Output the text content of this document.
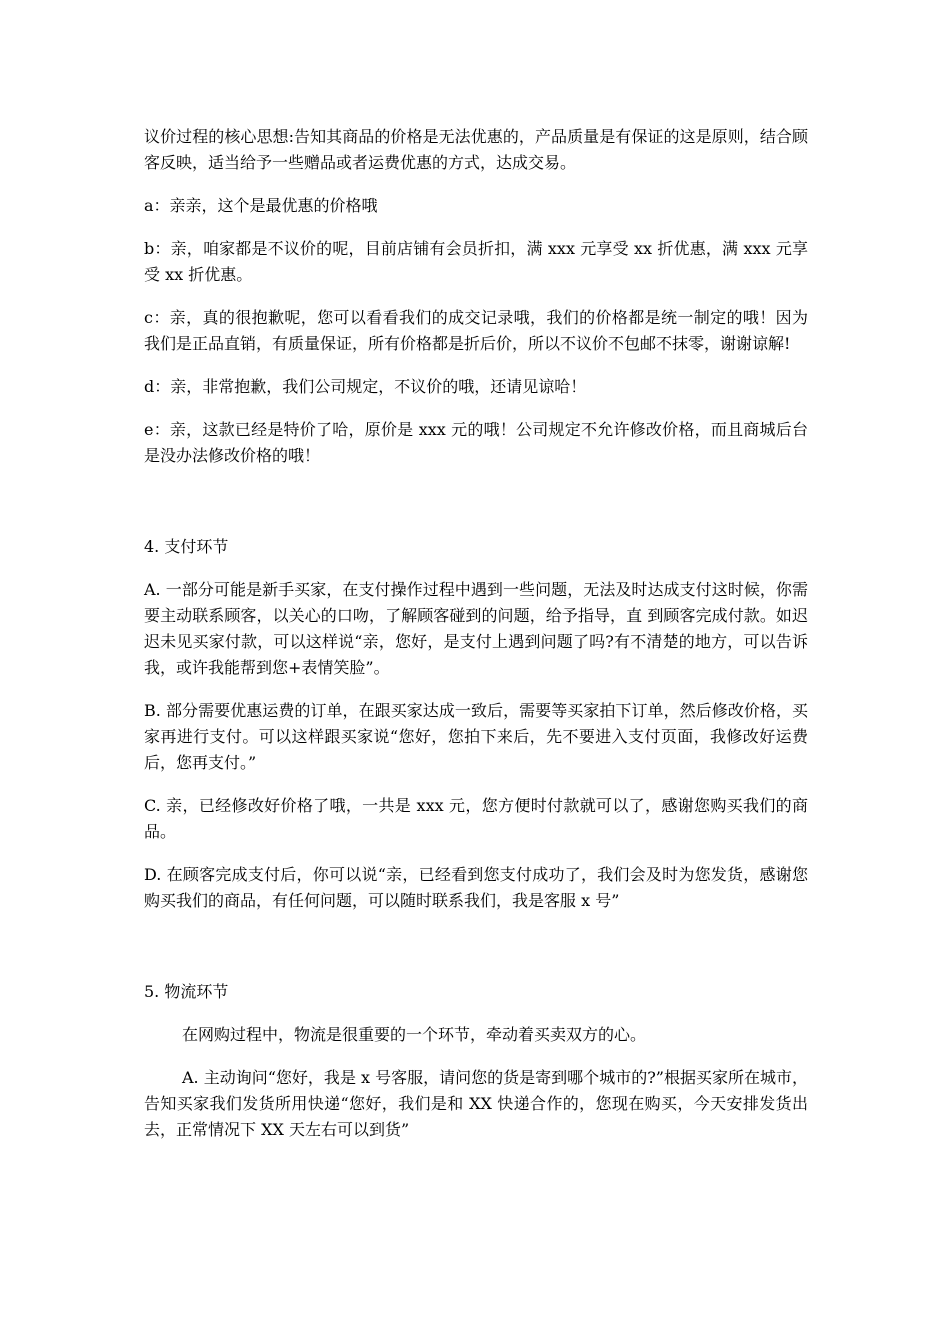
议价过程的核心思想:告知其商品的价格是无法优惠的，产品质量是有保证的这是原则，结合顾客反映，适当给予一些赠品或者运费优惠的方式，达成交易。

a：亲亲，这个是最优惠的价格哦

b：亲，咱家都是不议价的呢，目前店铺有会员折扣，满 xxx 元享受 xx 折优惠，满 xxx 元享受 xx 折优惠。

c：亲，真的很抱歉呢，您可以看看我们的成交记录哦，我们的价格都是统一制定的哦！因为我们是正品直销，有质量保证，所有价格都是折后价，所以不议价不包邮不抹零，谢谢谅解!

d：亲，非常抱歉，我们公司规定，不议价的哦，还请见谅哈！

e：亲，这款已经是特价了哈，原价是 xxx 元的哦！公司规定不允许修改价格，而且商城后台是没办法修改价格的哦！

4. 支付环节

A. 一部分可能是新手买家，在支付操作过程中遇到一些问题，无法及时达成支付这时候，你需要主动联系顾客，以关心的口吻，了解顾客碰到的问题，给予指导，直 到顾客完成付款。如迟迟未见买家付款，可以这样说“亲，您好，是支付上遇到问题了吗?有不清楚的地方，可以告诉我，或许我能帮到您+表情笑脸”。

B. 部分需要优惠运费的订单，在跟买家达成一致后，需要等买家拍下订单，然后修改价格，买家再进行支付。可以这样跟买家说“您好，您拍下来后，先不要进入支付页面，我修改好运费后，您再支付。”

C. 亲，已经修改好价格了哦，一共是 xxx 元，您方便时付款就可以了，感谢您购买我们的商品。

D. 在顾客完成支付后，你可以说“亲，已经看到您支付成功了，我们会及时为您发货，感谢您购买我们的商品，有任何问题，可以随时联系我们，我是客服 x 号”

5. 物流环节

在网购过程中，物流是很重要的一个环节，牵动着买卖双方的心。

A. 主动询问“您好，我是 x 号客服，请问您的货是寄到哪个城市的?”根据买家所在城市，告知买家我们发货所用快递“您好，我们是和 XX 快递合作的，您现在购买，今天安排发货出去，正常情况下 XX 天左右可以到货”
